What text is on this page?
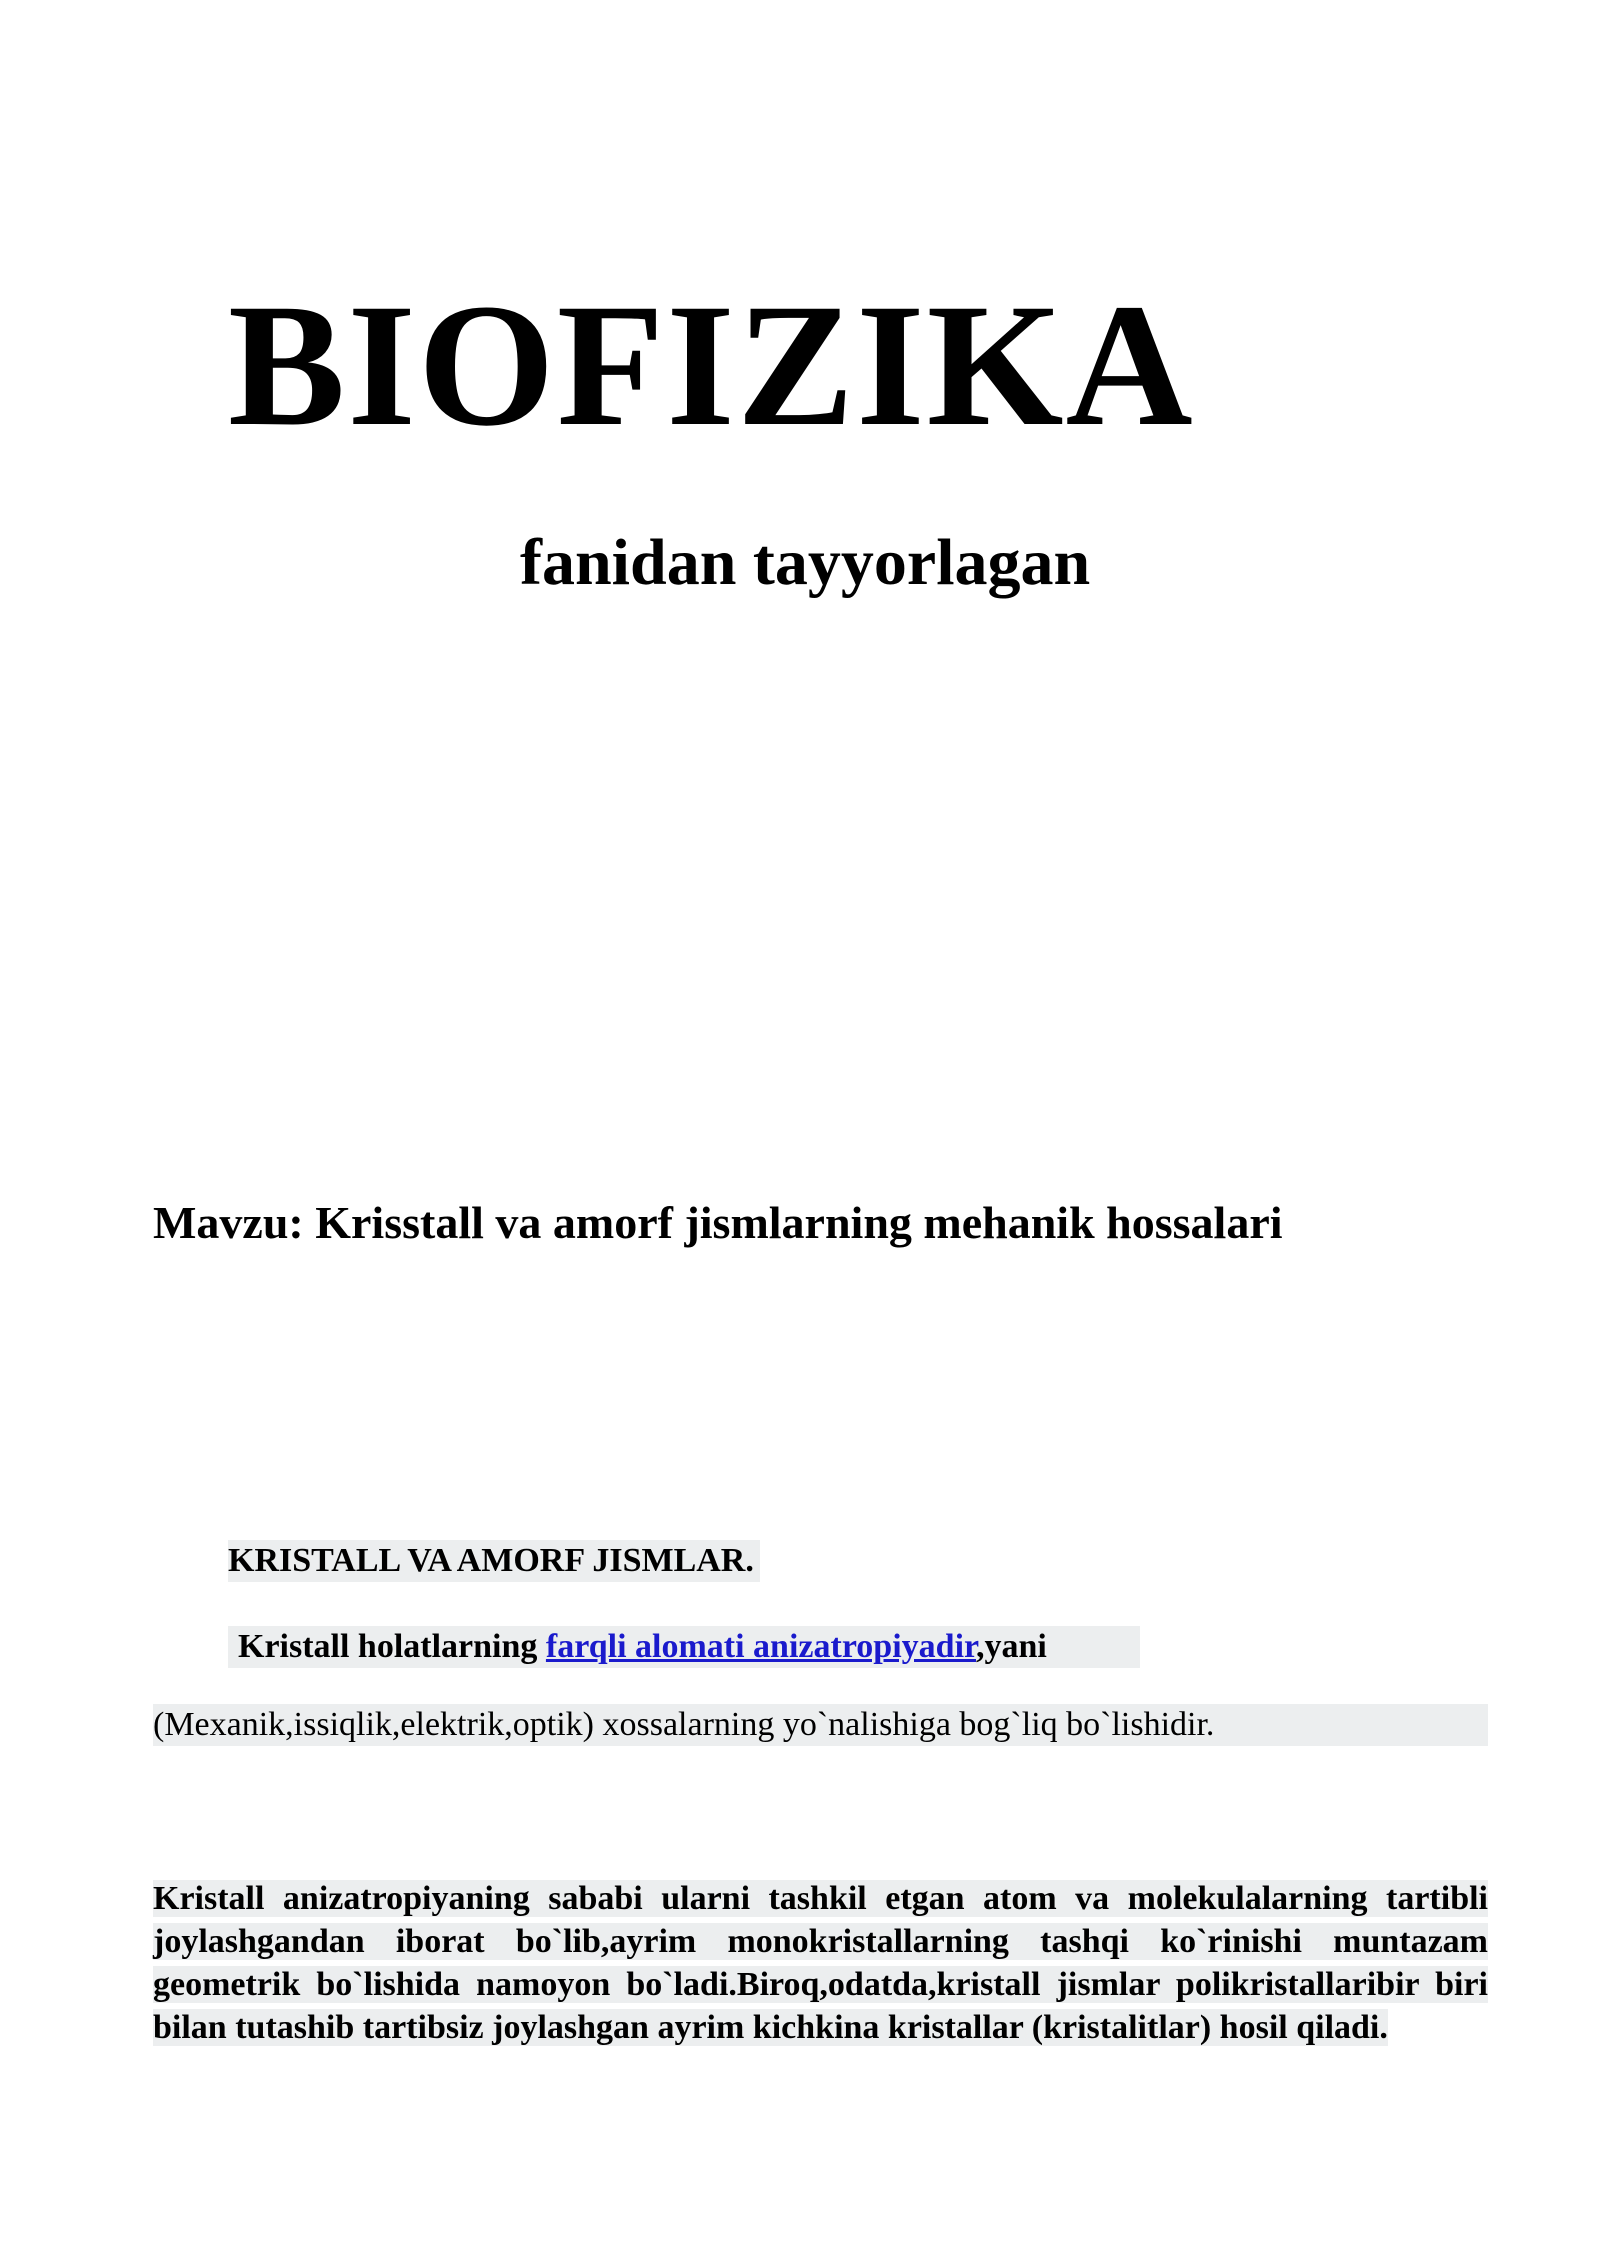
BIOFIZIKA
fanidan tayyorlagan
Mavzu: Krisstall va amorf jismlarning mehanik hossalari
KRISTALL VA AMORF JISMLAR.
Kristall holatlarning farqli alomati anizatropiyadir,yani
(Mexanik,issiqlik,elektrik,optik) xossalarning yo`nalishiga bog`liq bo`lishidir.
Kristall anizatropiyaning sababi ularni tashkil etgan atom va molekulalarning tartibli joylashgandan iborat bo`lib,ayrim monokristallarning tashqi ko`rinishi muntazam geometrik bo`lishida namoyon bo`ladi.Biroq,odatda,kristall jismlar polikristallaribir biri bilan tutashib tartibsiz joylashgan ayrim kichkina kristallar (kristalitlar) hosil qiladi.
